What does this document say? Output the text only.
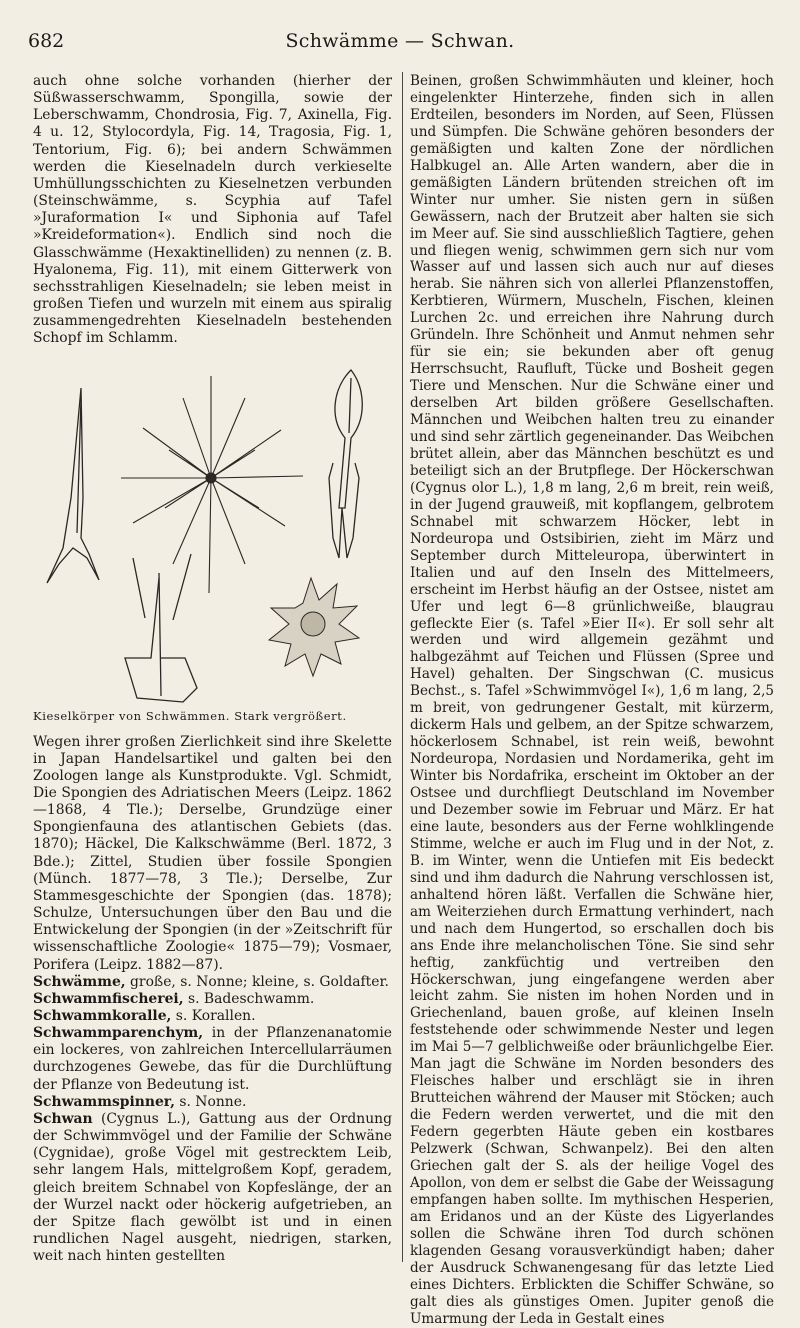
682	Schwämme — Schwan.

auch ohne solche vorhanden (hierher der Süßwasserschwamm, Spongilla, sowie der Leberschwamm, Chondrosia, Fig. 7, Axinella, Fig. 4 u. 12, Stylocordyla, Fig. 14, Tragosia, Fig. 1, Tentorium, Fig. 6); bei andern Schwämmen werden die Kieselnadeln durch verkieselte Umhüllungsschichten zu Kieselnetzen verbunden (Steinschwämme, s. Scyphia auf Tafel »Juraformation I« und Siphonia auf Tafel »Kreideformation«). Endlich sind noch die Glasschwämme (Hexaktinelliden) zu nennen (z. B. Hyalonema, Fig. 11), mit einem Gitterwerk von sechsstrahligen Kieselnadeln; sie leben meist in großen Tiefen und wurzeln mit einem aus spiralig zusammengedrehten Kieselnadeln bestehenden Schopf im Schlamm.

Kieselkörper von Schwämmen. Stark vergrößert.

Wegen ihrer großen Zierlichkeit sind ihre Skelette in Japan Handelsartikel und galten bei den Zoologen lange als Kunstprodukte. Vgl. Schmidt, Die Spongien des Adriatischen Meers (Leipz. 1862—1868, 4 Tle.); Derselbe, Grundzüge einer Spongienfauna des atlantischen Gebiets (das. 1870); Häckel, Die Kalkschwämme (Berl. 1872, 3 Bde.); Zittel, Studien über fossile Spongien (Münch. 1877—78, 3 Tle.); Derselbe, Zur Stammesgeschichte der Spongien (das. 1878); Schulze, Untersuchungen über den Bau und die Entwickelung der Spongien (in der »Zeitschrift für wissenschaftliche Zoologie« 1875—79); Vosmaer, Porifera (Leipz. 1882—87).

Schwämme, große, s. Nonne; kleine, s. Goldafter.

Schwammfischerei, s. Badeschwamm.

Schwammkoralle, s. Korallen.

Schwammparenchym, in der Pflanzenanatomie ein lockeres, von zahlreichen Intercellularräumen durchzogenes Gewebe, das für die Durchlüftung der Pflanze von Bedeutung ist.

Schwammspinner, s. Nonne.

Schwan (Cygnus L.), Gattung aus der Ordnung der Schwimmvögel und der Familie der Schwäne (Cygnidae), große Vögel mit gestrecktem Leib, sehr langem Hals, mittelgroßem Kopf, geradem, gleich breitem Schnabel von Kopfeslänge, der an der Wurzel nackt oder höckerig aufgetrieben, an der Spitze flach gewölbt ist und in einen rundlichen Nagel ausgeht, niedrigen, starken, weit nach hinten gestellten

Beinen, großen Schwimmhäuten und kleiner, hoch eingelenkter Hinterzehe, finden sich in allen Erdteilen, besonders im Norden, auf Seen, Flüssen und Sümpfen. Die Schwäne gehören besonders der gemäßigten und kalten Zone der nördlichen Halbkugel an. Alle Arten wandern, aber die in gemäßigten Ländern brütenden streichen oft im Winter nur umher. Sie nisten gern in süßen Gewässern, nach der Brutzeit aber halten sie sich im Meer auf. Sie sind ausschließlich Tagtiere, gehen und fliegen wenig, schwimmen gern sich nur vom Wasser auf und lassen sich auch nur auf dieses herab. Sie nähren sich von allerlei Pflanzenstoffen, Kerbtieren, Würmern, Muscheln, Fischen, kleinen Lurchen 2c. und erreichen ihre Nahrung durch Gründeln. Ihre Schönheit und Anmut nehmen sehr für sie ein; sie bekunden aber oft genug Herrschsucht, Raufluft, Tücke und Bosheit gegen Tiere und Menschen. Nur die Schwäne einer und derselben Art bilden größere Gesellschaften. Männchen und Weibchen halten treu zu einander und sind sehr zärtlich gegeneinander. Das Weibchen brütet allein, aber das Männchen beschützt es und beteiligt sich an der Brutpflege. Der Höckerschwan (Cygnus olor L.), 1,8 m lang, 2,6 m breit, rein weiß, in der Jugend grauweiß, mit kopflangem, gelbrotem Schnabel mit schwarzem Höcker, lebt in Nordeuropa und Ostsibirien, zieht im März und September durch Mitteleuropa, überwintert in Italien und auf den Inseln des Mittelmeers, erscheint im Herbst häufig an der Ostsee, nistet am Ufer und legt 6—8 grünlichweiße, blaugrau gefleckte Eier (s. Tafel »Eier II«). Er soll sehr alt werden und wird allgemein gezähmt und halbgezähmt auf Teichen und Flüssen (Spree und Havel) gehalten. Der Singschwan (C. musicus Bechst., s. Tafel »Schwimmvögel I«), 1,6 m lang, 2,5 m breit, von gedrungener Gestalt, mit kürzerm, dickerm Hals und gelbem, an der Spitze schwarzem, höckerlosem Schnabel, ist rein weiß, bewohnt Nordeuropa, Nordasien und Nordamerika, geht im Winter bis Nordafrika, erscheint im Oktober an der Ostsee und durchfliegt Deutschland im November und Dezember sowie im Februar und März. Er hat eine laute, besonders aus der Ferne wohlklingende Stimme, welche er auch im Flug und in der Not, z. B. im Winter, wenn die Untiefen mit Eis bedeckt sind und ihm dadurch die Nahrung verschlossen ist, anhaltend hören läßt. Verfallen die Schwäne hier, am Weiterziehen durch Ermattung verhindert, nach und nach dem Hungertod, so erschallen doch bis ans Ende ihre melancholischen Töne. Sie sind sehr heftig, zankfüchtig und vertreiben den Höckerschwan, jung eingefangene werden aber leicht zahm. Sie nisten im hohen Norden und in Griechenland, bauen große, auf kleinen Inseln feststehende oder schwimmende Nester und legen im Mai 5—7 gelblichweiße oder bräunlichgelbe Eier. Man jagt die Schwäne im Norden besonders des Fleisches halber und erschlägt sie in ihren Brutteichen während der Mauser mit Stöcken; auch die Federn werden verwertet, und die mit den Federn gegerbten Häute geben ein kostbares Pelzwerk (Schwan, Schwanpelz). Bei den alten Griechen galt der S. als der heilige Vogel des Apollon, von dem er selbst die Gabe der Weissagung empfangen haben sollte. Im mythischen Hesperien, am Eridanos und an der Küste des Ligyerlandes sollen die Schwäne ihren Tod durch schönen klagenden Gesang vorausverkündigt haben; daher der Ausdruck Schwanengesang für das letzte Lied eines Dichters. Erblickten die Schiffer Schwäne, so galt dies als günstiges Omen. Jupiter genoß die Umarmung der Leda in Gestalt eines
